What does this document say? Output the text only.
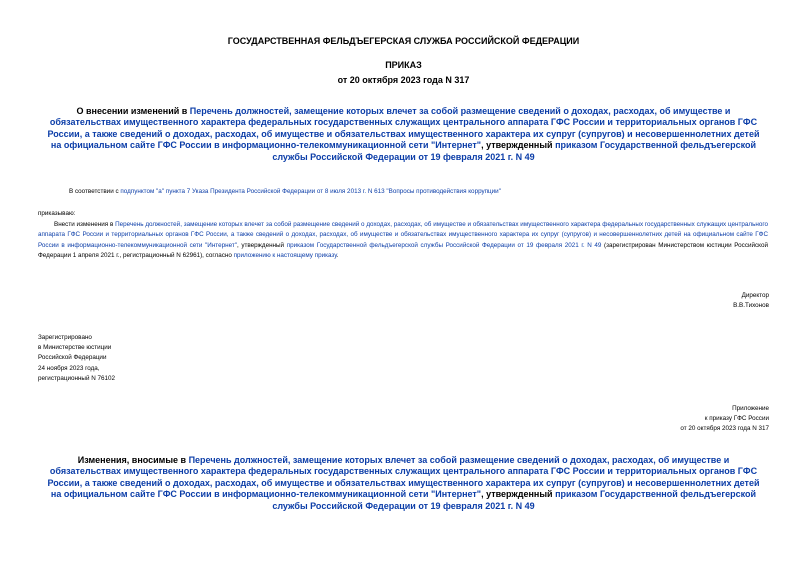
ГОСУДАРСТВЕННАЯ ФЕЛЬДЪЕГЕРСКАЯ СЛУЖБА РОССИЙСКОЙ ФЕДЕРАЦИИ
ПРИКАЗ
от 20 октября 2023 года N 317
О внесении изменений в Перечень должностей, замещение которых влечет за собой размещение сведений о доходах, расходах, об имуществе и обязательствах имущественного характера федеральных государственных служащих центрального аппарата ГФС России и территориальных органов ГФС России, а также сведений о доходах, расходах, об имуществе и обязательствах имущественного характера их супруг (супругов) и несовершеннолетних детей на официальном сайте ГФС России в информационно-телекоммуникационной сети "Интернет", утвержденный приказом Государственной фельдъегерской службы Российской Федерации от 19 февраля 2021 г. N 49
В соответствии с подпунктом "а" пункта 7 Указа Президента Российской Федерации от 8 июля 2013 г. N 613 "Вопросы противодействия коррупции"
приказываю:
Внести изменения в Перечень должностей, замещение которых влечет за собой размещение сведений о доходах, расходах, об имуществе и обязательствах имущественного характера федеральных государственных служащих центрального аппарата ГФС России и территориальных органов ГФС России, а также сведений о доходах, расходах, об имуществе и обязательствах имущественного характера их супруг (супругов) и несовершеннолетних детей на официальном сайте ГФС России в информационно-телекоммуникационной сети "Интернет", утвержденный приказом Государственной фельдъегерской службы Российской Федерации от 19 февраля 2021 г. N 49 (зарегистрирован Министерством юстиции Российской Федерации 1 апреля 2021 г., регистрационный N 62961), согласно приложению к настоящему приказу.
Директор
В.В.Тихонов
Зарегистрировано
в Министерстве юстиции
Российской Федерации
24 ноября 2023 года,
регистрационный N 76102
Приложение
к приказу ГФС России
от 20 октября 2023 года N 317
Изменения, вносимые в Перечень должностей, замещение которых влечет за собой размещение сведений о доходах, расходах, об имуществе и обязательствах имущественного характера федеральных государственных служащих центрального аппарата ГФС России и территориальных органов ГФС России, а также сведений о доходах, расходах, об имуществе и обязательствах имущественного характера их супруг (супругов) и несовершеннолетних детей на официальном сайте ГФС России в информационно-телекоммуникационной сети "Интернет", утвержденный приказом Государственной фельдъегерской службы Российской Федерации от 19 февраля 2021 г. N 49
